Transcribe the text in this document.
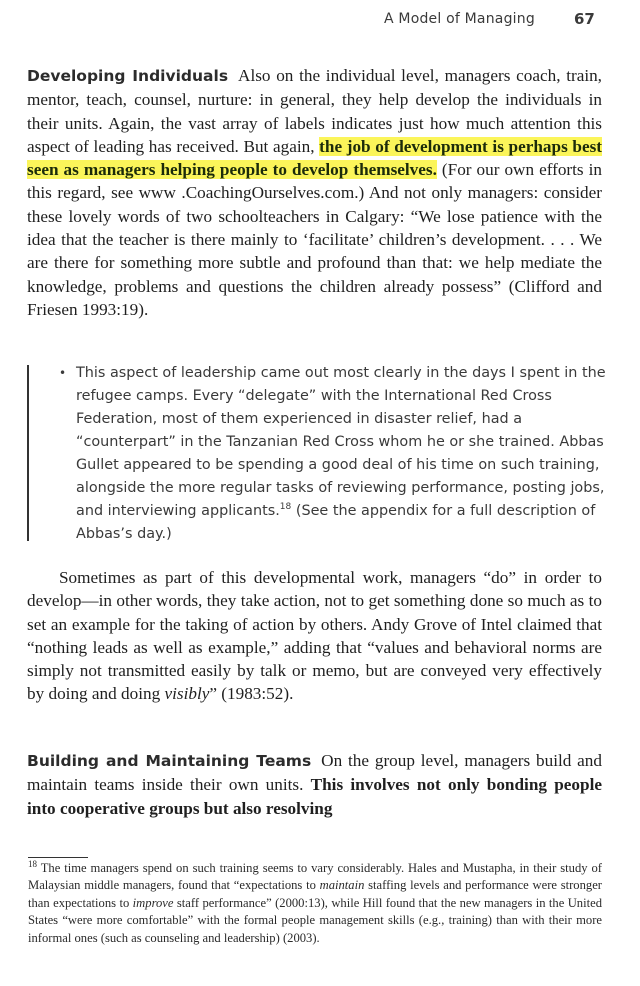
A Model of Managing	67
Developing Individuals Also on the individual level, managers coach, train, mentor, teach, counsel, nurture: in general, they help develop the individuals in their units. Again, the vast array of labels indicates just how much attention this aspect of leading has received. But again, the job of development is perhaps best seen as managers helping people to develop themselves. (For our own efforts in this regard, see www .CoachingOurselves.com.) And not only managers: consider these lovely words of two schoolteachers in Calgary: “We lose patience with the idea that the teacher is there mainly to ‘facilitate’ children’s development. . . . We are there for something more subtle and profound than that: we help mediate the knowledge, problems and questions the children already possess” (Clifford and Friesen 1993:19).
• This aspect of leadership came out most clearly in the days I spent in the refugee camps. Every “delegate” with the International Red Cross Federation, most of them experienced in disaster relief, had a “counterpart” in the Tanzanian Red Cross whom he or she trained. Abbas Gullet appeared to be spending a good deal of his time on such training, alongside the more regular tasks of reviewing performance, posting jobs, and interviewing applicants.$^{18}$ (See the appendix for a full description of Abbas’s day.)
Sometimes as part of this developmental work, managers “do” in order to develop—in other words, they take action, not to get something done so much as to set an example for the taking of action by others. Andy Grove of Intel claimed that “nothing leads as well as example,” adding that “values and behavioral norms are simply not transmitted easily by talk or memo, but are conveyed very effectively by doing and doing visibly” (1983:52).
Building and Maintaining Teams On the group level, managers build and maintain teams inside their own units. This involves not only bonding people into cooperative groups but also resolving
$^{18}$ The time managers spend on such training seems to vary considerably. Hales and Mustapha, in their study of Malaysian middle managers, found that “expectations to maintain staffing levels and performance were stronger than expectations to improve staff performance” (2000:13), while Hill found that the new managers in the United States “were more comfortable” with the formal people management skills (e.g., training) than with their more informal ones (such as counseling and leadership) (2003).
